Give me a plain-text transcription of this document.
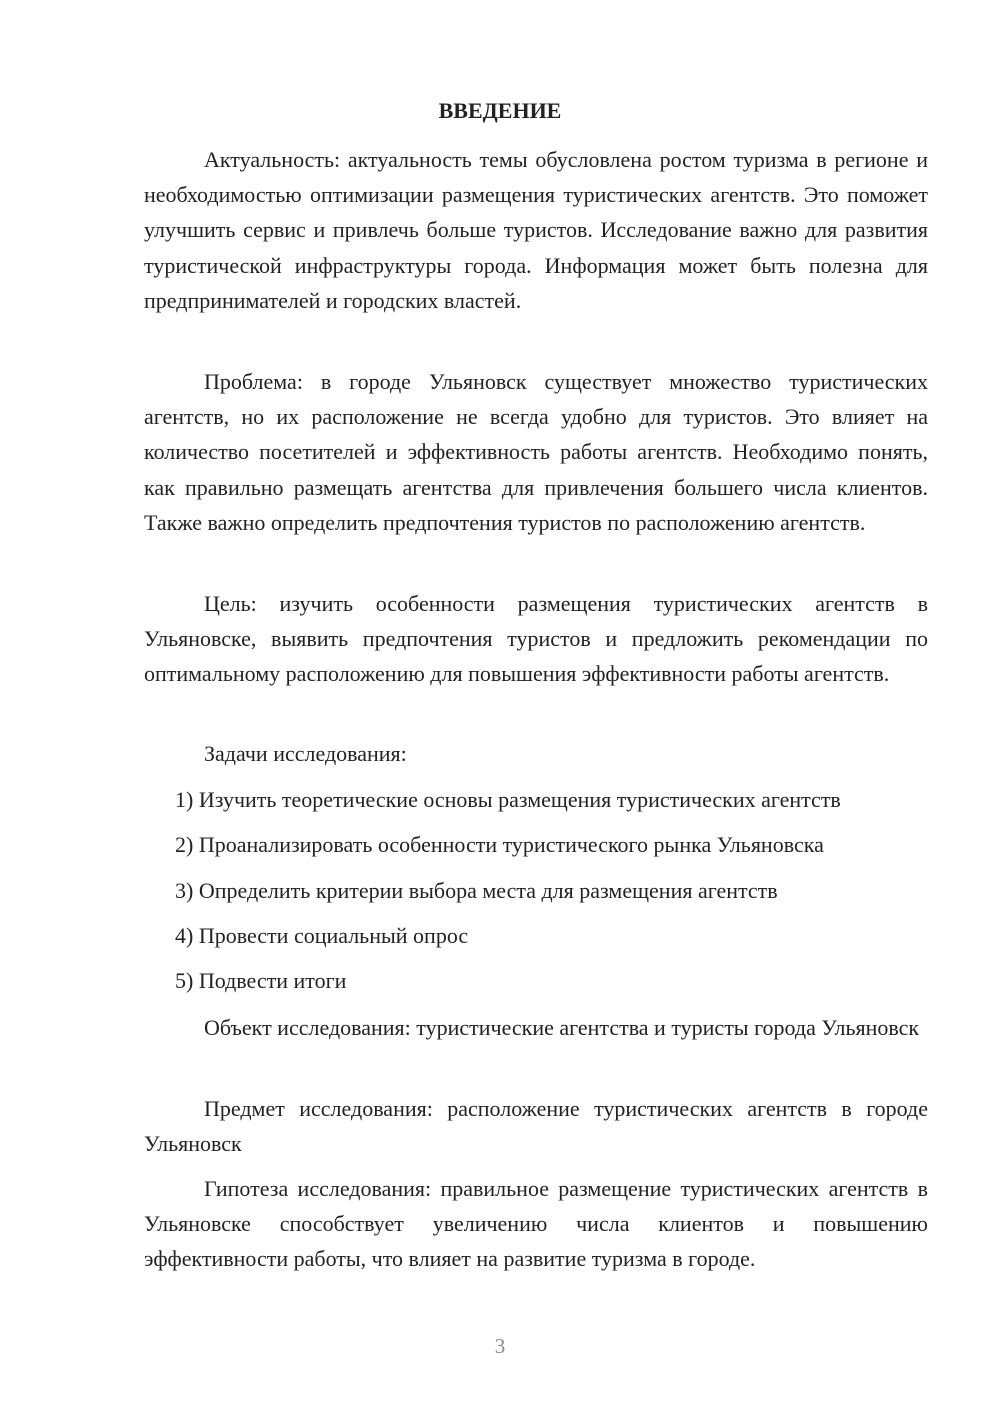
ВВЕДЕНИЕ

Актуальность: актуальность темы обусловлена ростом туризма в регионе и необходимостью оптимизации размещения туристических агентств. Это поможет улучшить сервис и привлечь больше туристов. Исследование важно для развития туристической инфраструктуры города. Информация может быть полезна для предпринимателей и городских властей.

Проблема: в городе Ульяновск существует множество туристических агентств, но их расположение не всегда удобно для туристов. Это влияет на количество посетителей и эффективность работы агентств. Необходимо понять, как правильно размещать агентства для привлечения большего числа клиентов. Также важно определить предпочтения туристов по расположению агентств.

Цель: изучить особенности размещения туристических агентств в Ульяновске, выявить предпочтения туристов и предложить рекомендации по оптимальному расположению для повышения эффективности работы агентств.

Задачи исследования:

1) Изучить теоретические основы размещения туристических агентств

2) Проанализировать особенности туристического рынка Ульяновска

3) Определить критерии выбора места для размещения агентств

4) Провести социальный опрос

5) Подвести итоги

Объект исследования: туристические агентства и туристы города Ульяновск

Предмет исследования: расположение туристических агентств в городе Ульяновск

Гипотеза исследования: правильное размещение туристических агентств в Ульяновске способствует увеличению числа клиентов и повышению эффективности работы, что влияет на развитие туризма в городе.

3
